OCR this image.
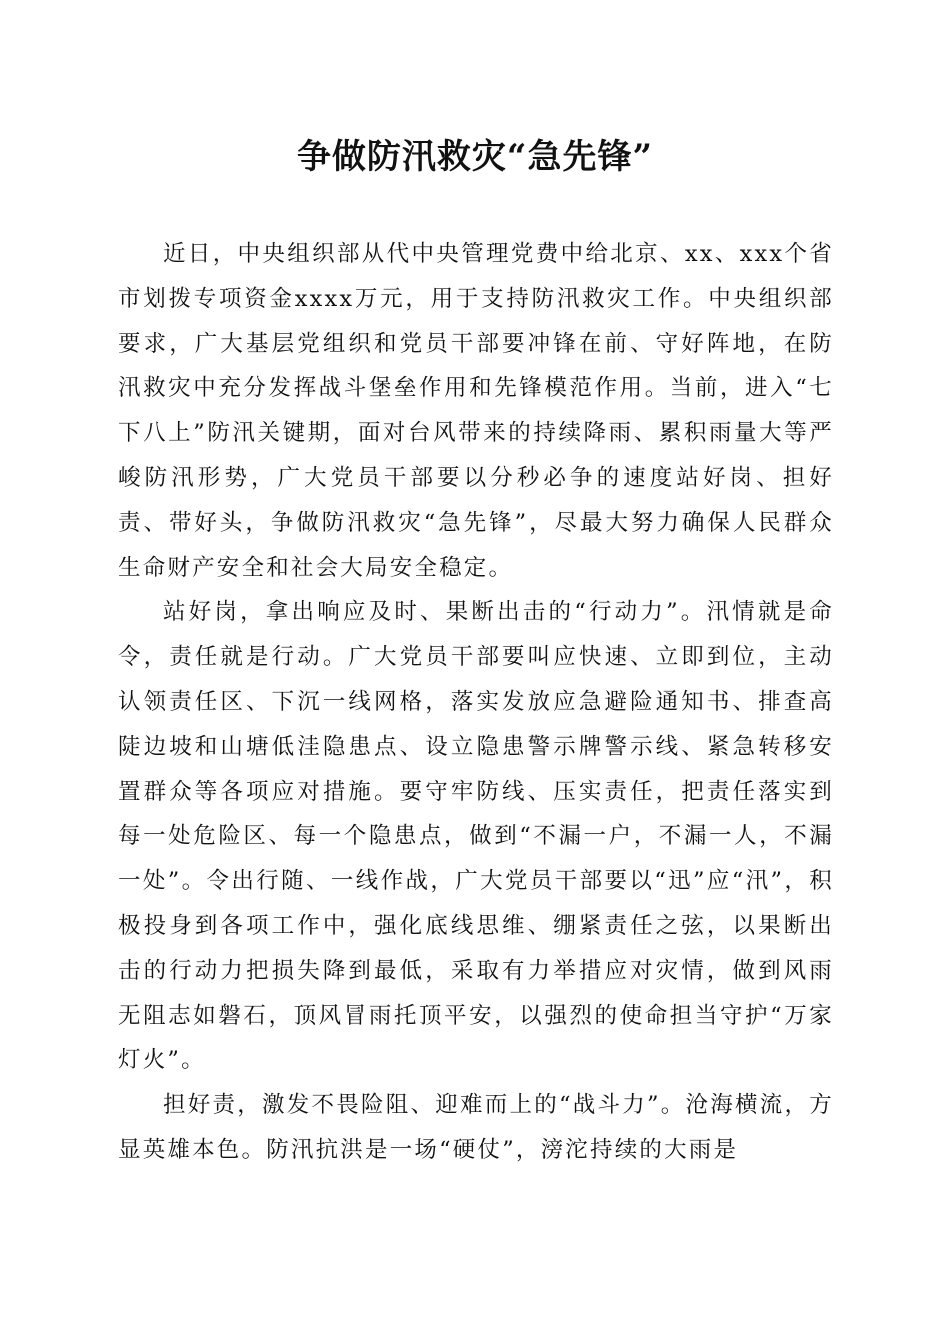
争做防汛救灾“急先锋”

近日，中央组织部从代中央管理党费中给北京、xx、xxx个省市划拨专项资金xxxx万元，用于支持防汛救灾工作。中央组织部要求，广大基层党组织和党员干部要冲锋在前、守好阵地，在防汛救灾中充分发挥战斗堡垒作用和先锋模范作用。当前，进入“七下八上”防汛关键期，面对台风带来的持续降雨、累积雨量大等严峻防汛形势，广大党员干部要以分秒必争的速度站好岗、担好责、带好头，争做防汛救灾“急先锋”，尽最大努力确保人民群众生命财产安全和社会大局安全稳定。

站好岗，拿出响应及时、果断出击的“行动力”。汛情就是命令，责任就是行动。广大党员干部要叫应快速、立即到位，主动认领责任区、下沉一线网格，落实发放应急避险通知书、排查高陡边坡和山塘低洼隐患点、设立隐患警示牌警示线、紧急转移安置群众等各项应对措施。要守牢防线、压实责任，把责任落实到每一处危险区、每一个隐患点，做到“不漏一户，不漏一人，不漏一处”。令出行随、一线作战，广大党员干部要以“迅”应“汛”，积极投身到各项工作中，强化底线思维、绷紧责任之弦，以果断出击的行动力把损失降到最低，采取有力举措应对灾情，做到风雨无阻志如磐石，顶风冒雨托顶平安，以强烈的使命担当守护“万家灯火”。

担好责，激发不畏险阻、迎难而上的“战斗力”。沧海横流，方显英雄本色。防汛抗洪是一场“硬仗”，滂沱持续的大雨是
